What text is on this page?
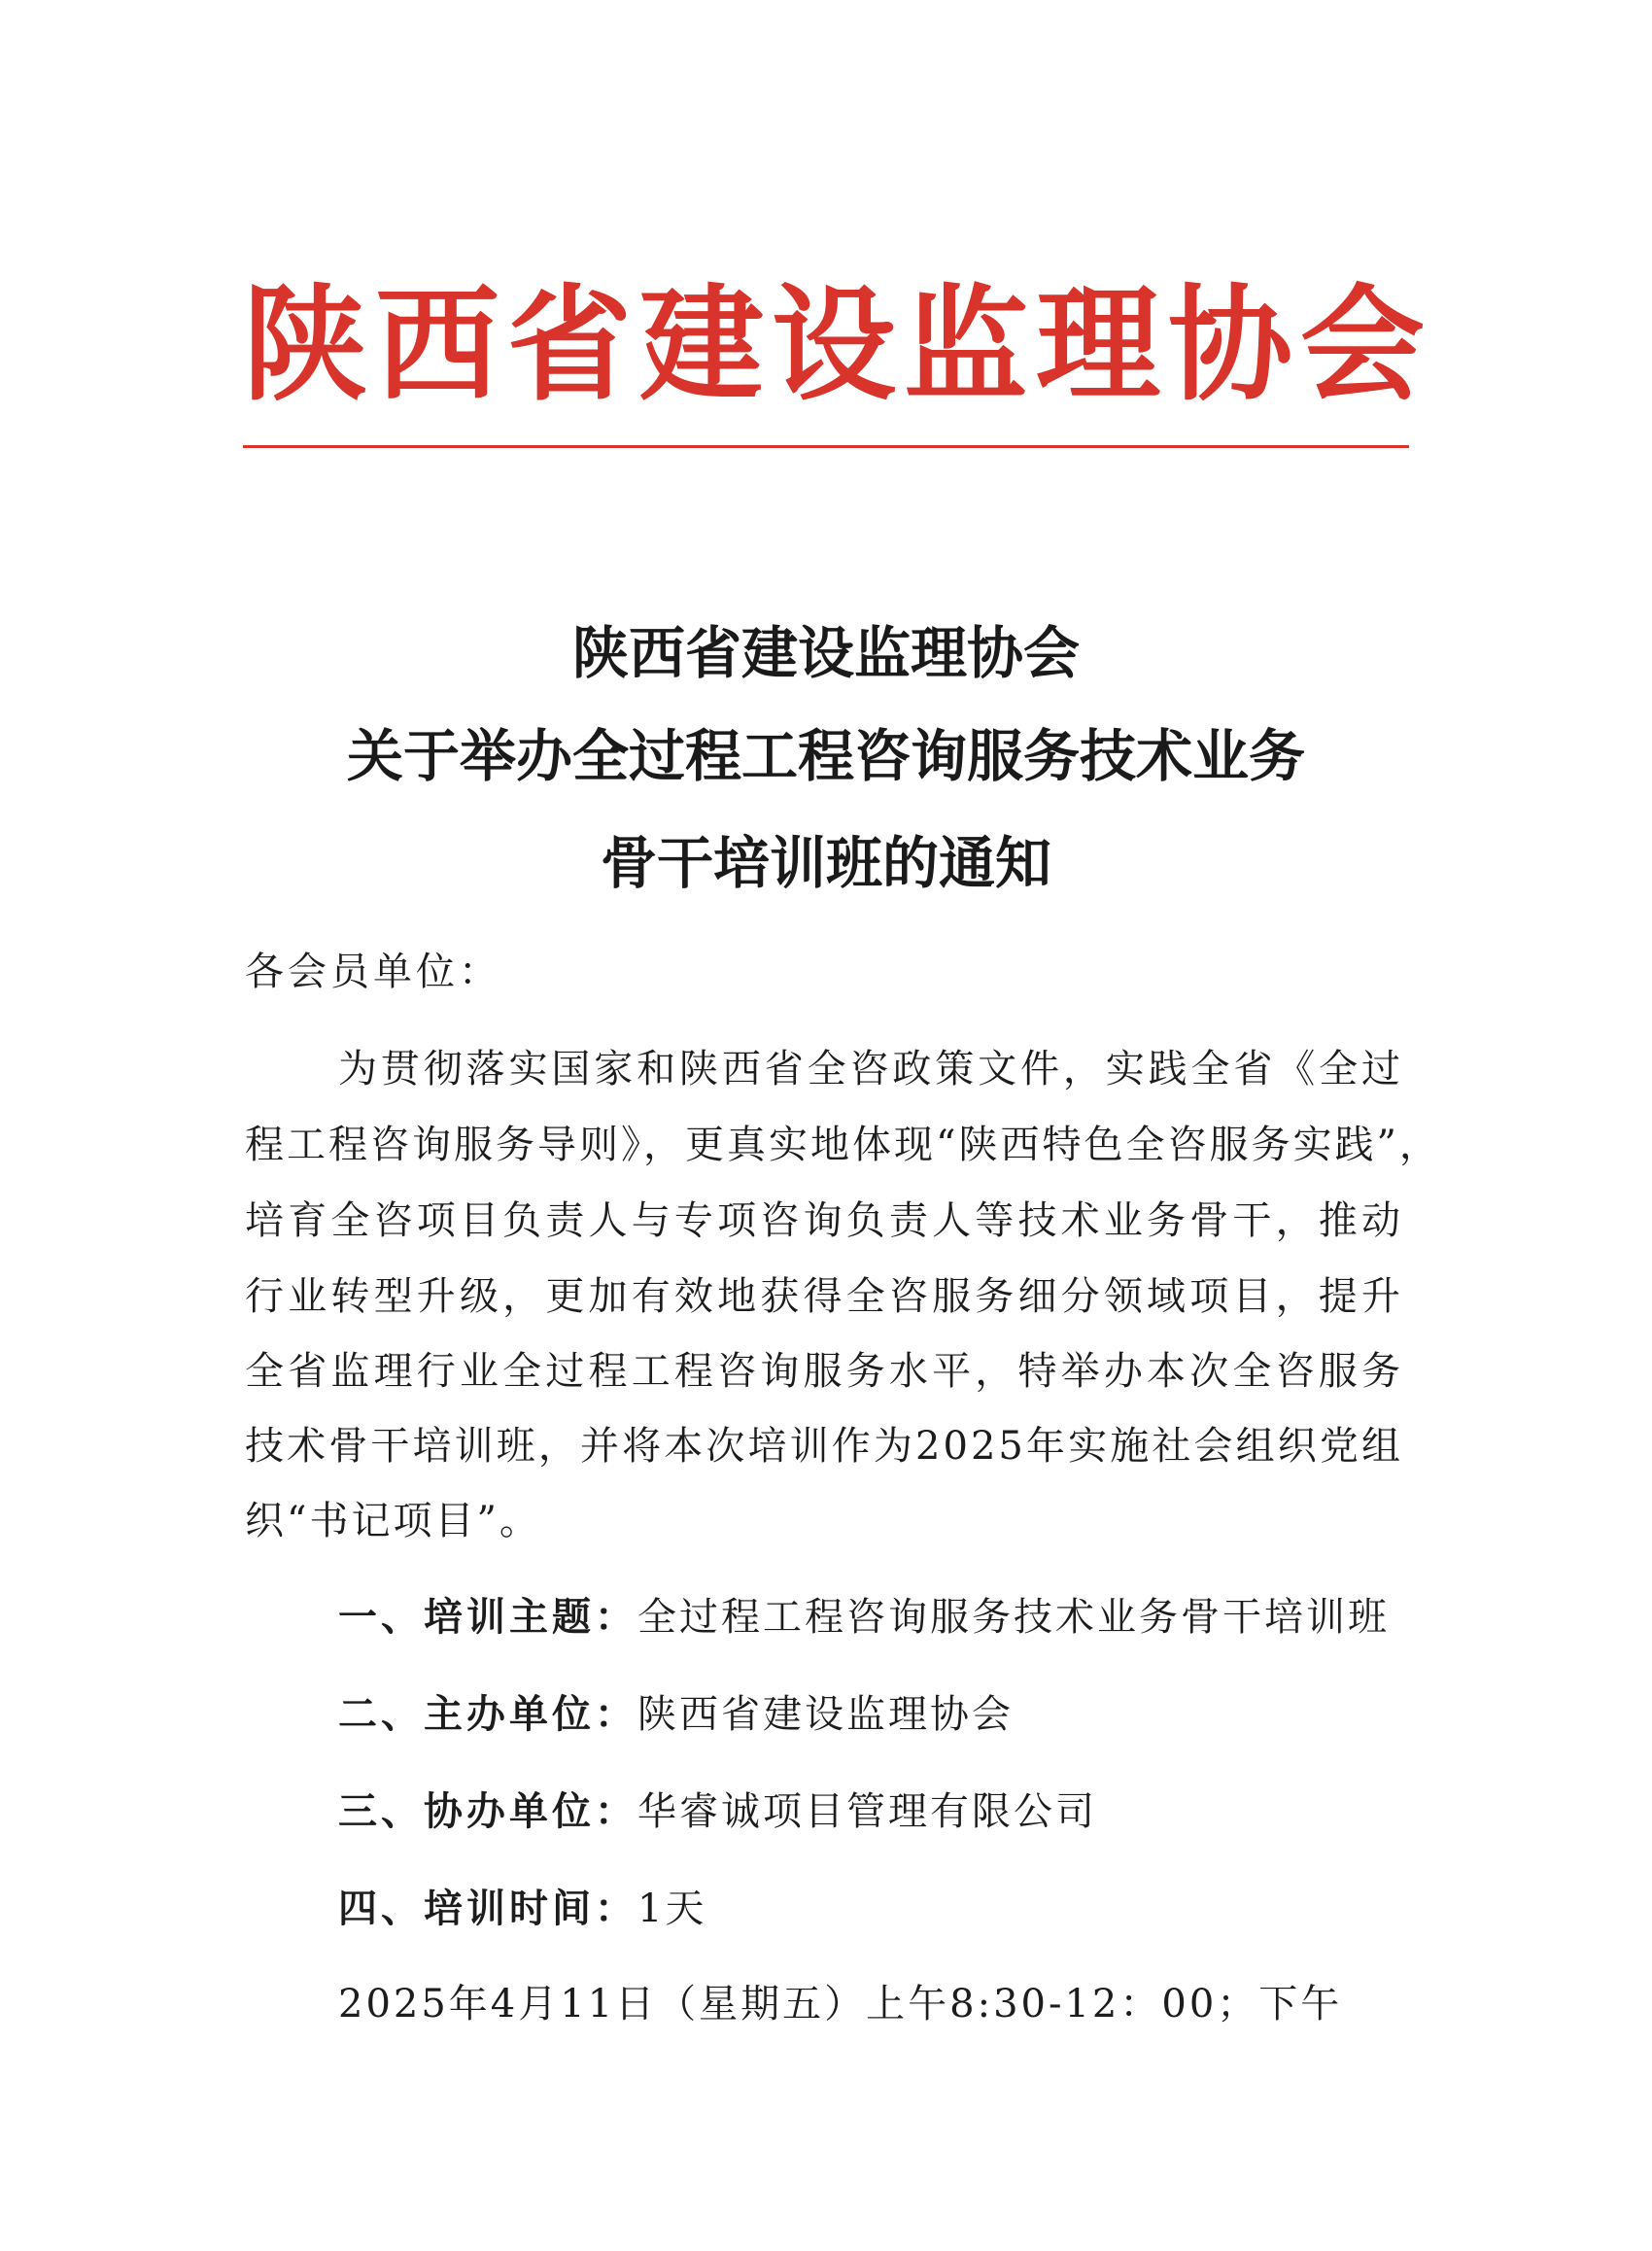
陕西省建设监理协会
陕西省建设监理协会
关于举办全过程工程咨询服务技术业务
骨干培训班的通知
各会员单位：
为贯彻落实国家和陕西省全咨政策文件，实践全省《全过
程工程咨询服务导则》，更真实地体现“陕西特色全咨服务实践”，
培育全咨项目负责人与专项咨询负责人等技术业务骨干，推动
行业转型升级，更加有效地获得全咨服务细分领域项目，提升
全省监理行业全过程工程咨询服务水平，特举办本次全咨服务
技术骨干培训班，并将本次培训作为2025年实施社会组织党组
织“书记项目”。
一、培训主题：全过程工程咨询服务技术业务骨干培训班
二、主办单位：陕西省建设监理协会
三、协办单位：华睿诚项目管理有限公司
四、培训时间：1天
2025年4月11日（星期五）上午8:30-12：00；下午
